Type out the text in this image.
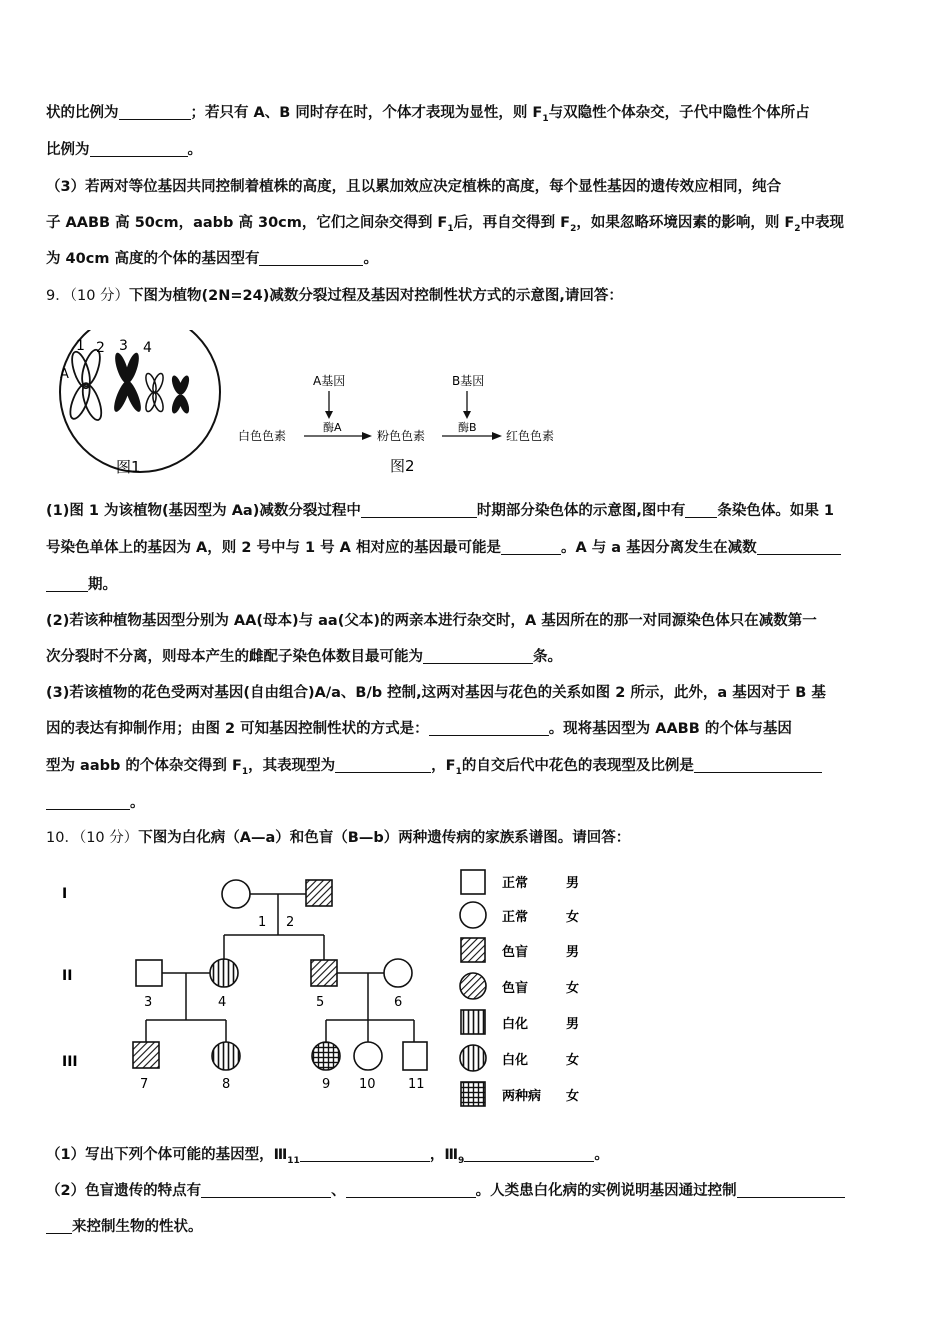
状的比例为	；若只有 A、B 同时存在时，个体才表现为显性，则 $F_1$与双隐性个体杂交，子代中隐性个体所占
比例为	。
（3）若两对等位基因共同控制着植株的高度，且以累加效应决定植株的高度，每个显性基因的遗传效应相同，纯合
子 AABB 高 50cm，aabb 高 30cm，它们之间杂交得到 $F_1$后，再自交得到 $F_2$，如果忽略环境因素的影响，则 $F_2$中表现
为 40cm 高度的个体的基因型有	。
9．（10 分）下图为植物(2N=24)减数分裂过程及基因对控制性状方式的示意图,请回答：
1 2 3 4
A
图1
A基因	B基因
酶A	酶B
白色色素	粉色色素	红色色素
图2
(1)图 1 为该植物(基因型为 Aa)减数分裂过程中	时期部分染色体的示意图,图中有 条染色体。如果 1
号染色单体上的基因为 A，则 2 号中与 1 号 A 相对应的基因最可能是	。A 与 a 基因分离发生在减数
期。
(2)若该种植物基因型分别为 AA(母本)与 aa(父本)的两亲本进行杂交时，A 基因所在的那一对同源染色体只在减数第一
次分裂时不分离，则母本产生的雌配子染色体数目最可能为	条。
(3)若该植物的花色受两对基因(自由组合)A/a、B/b 控制,这两对基因与花色的关系如图 2 所示，此外，a 基因对于 B 基
因的表达有抑制作用；由图 2 可知基因控制性状的方式是：	。现将基因型为 AABB 的个体与基因
型为 aabb 的个体杂交得到 $F_1$，其表现型为	，$F_1$的自交后代中花色的表现型及比例是
。
10．（10 分）下图为白化病（A—a）和色盲（B—b）两种遗传病的家族系谱图。请回答：
I
II
III
1 2
3	4	5	6
7	8	9 10 11
正常	男
正常	女
色盲	男
色盲	女
白化	男
白化	女
两种病 女
（1）写出下列个体可能的基因型，$Ⅲ_{11}$	，$Ⅲ_9$	。
（2）色盲遗传的特点有	、	。人类患白化病的实例说明基因通过控制
来控制生物的性状。
